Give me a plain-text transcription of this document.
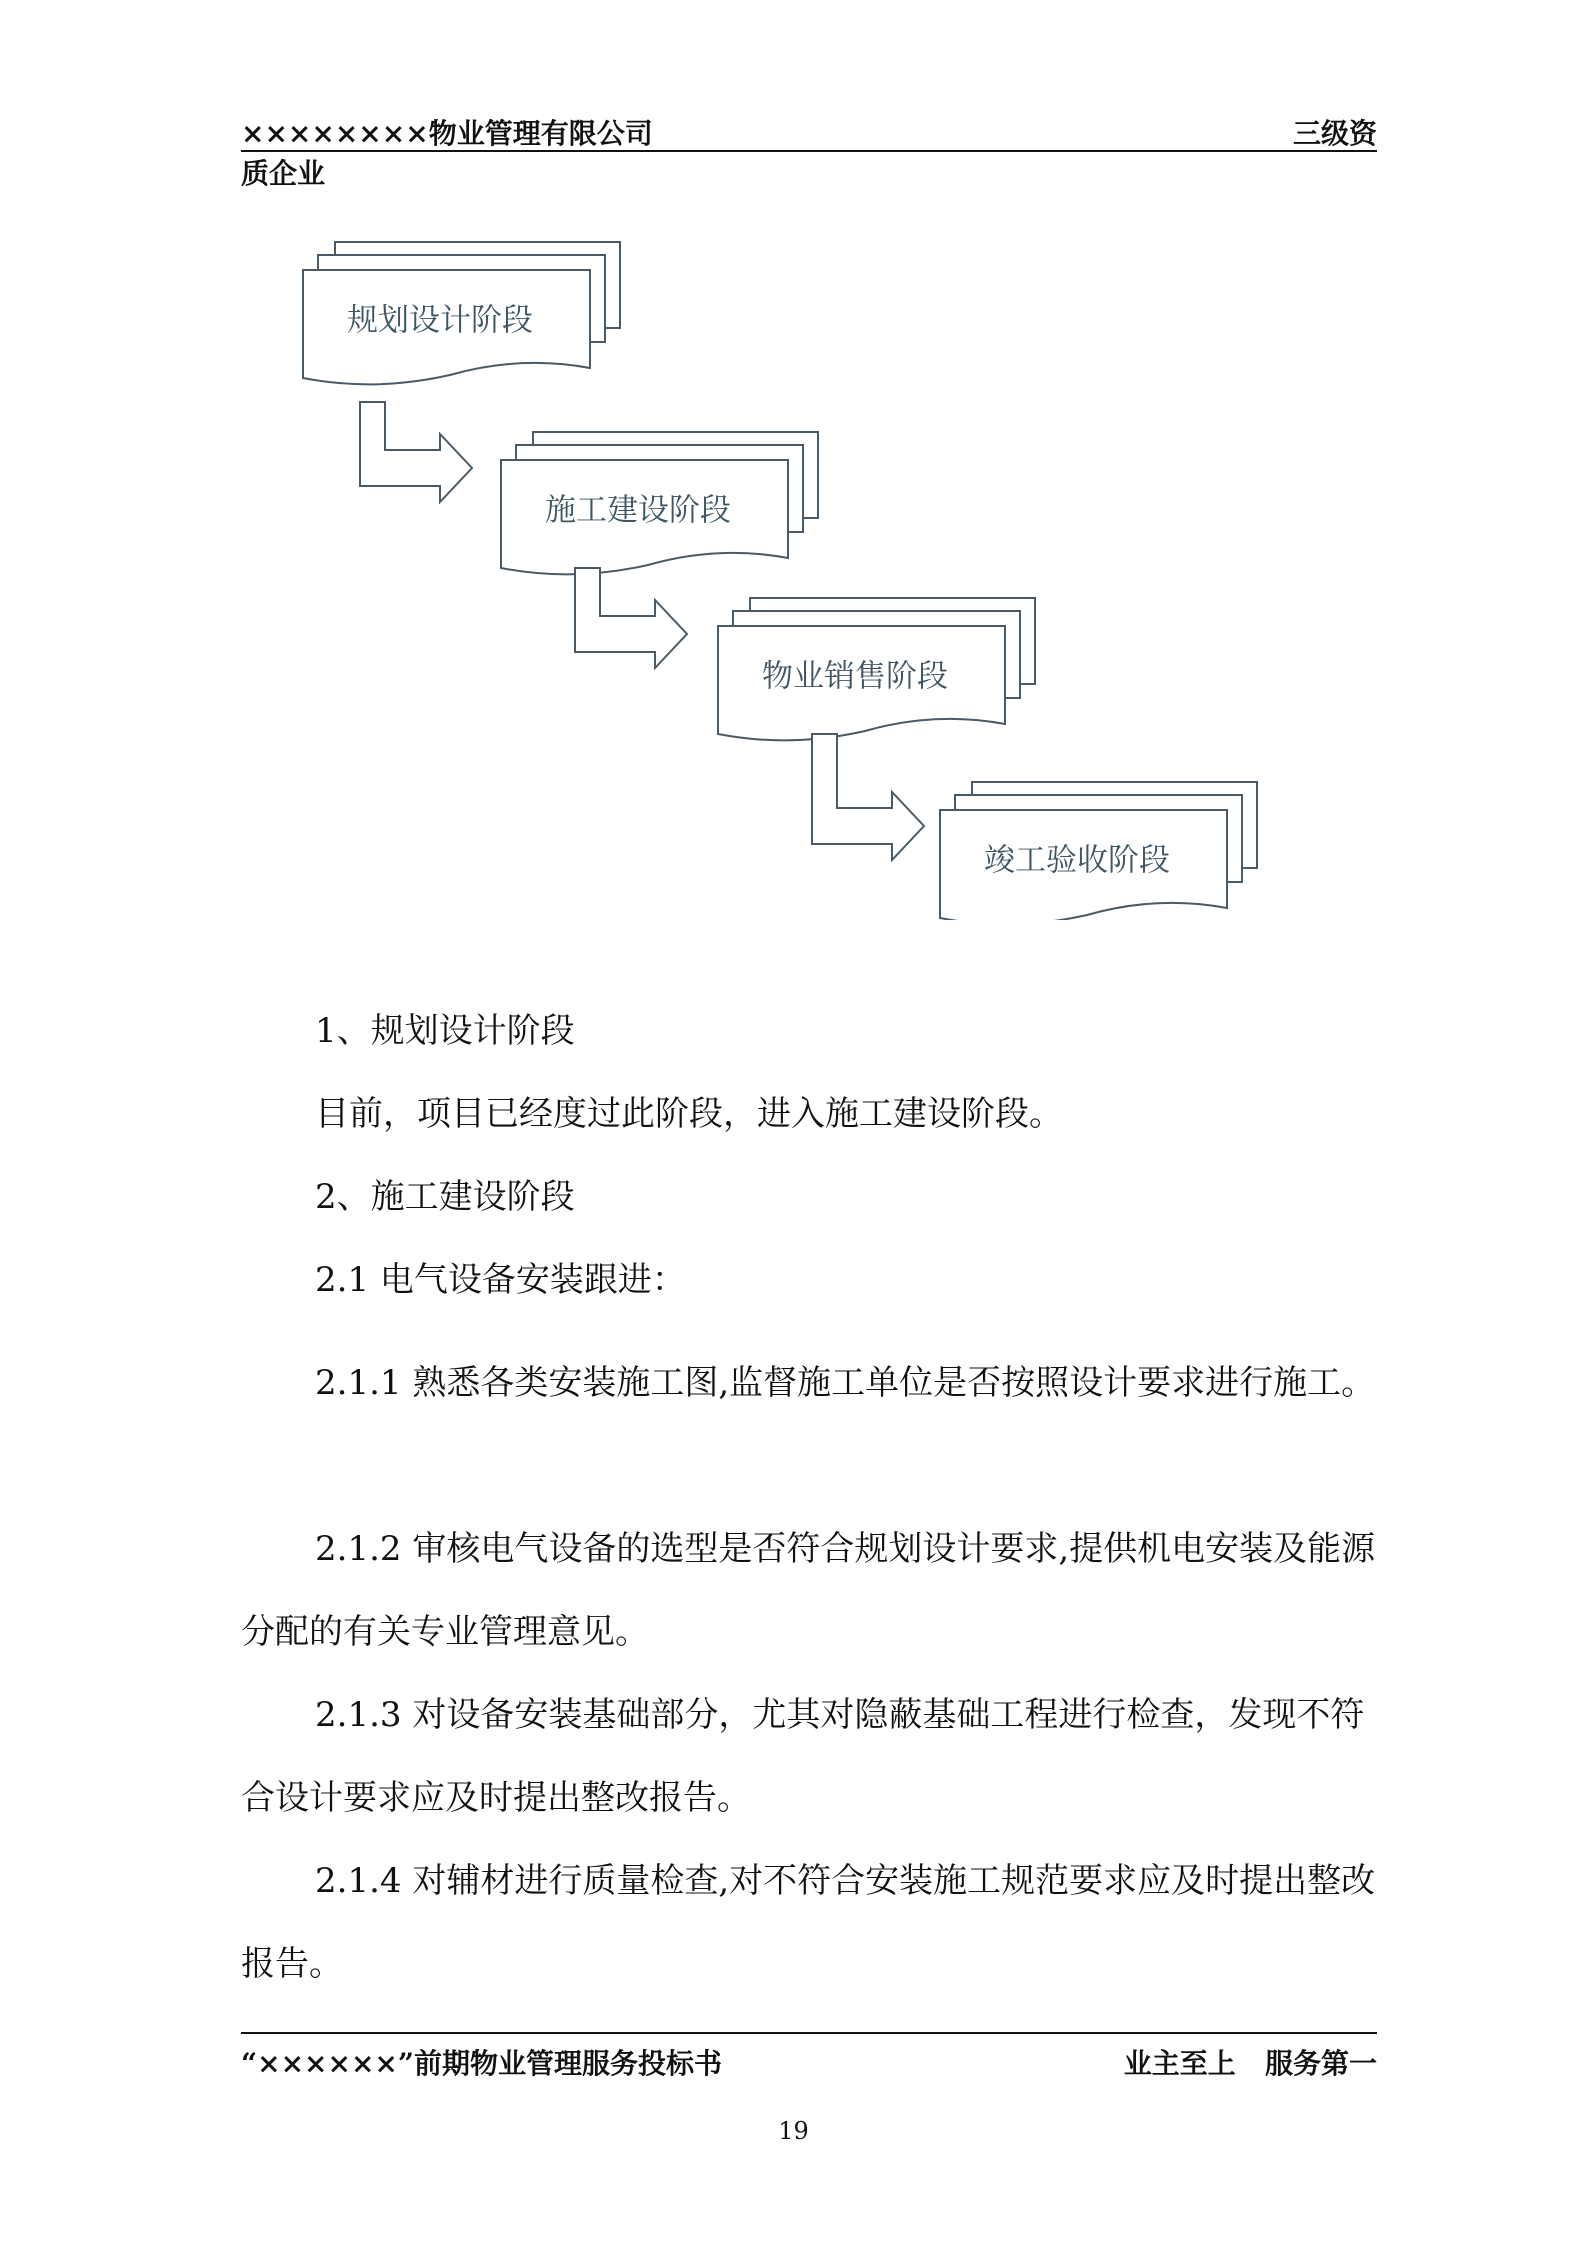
××××××××物业管理有限公司	三级资
质企业
规划设计阶段
施工建设阶段
物业销售阶段
竣工验收阶段

1、规划设计阶段

目前，项目已经度过此阶段，进入施工建设阶段。

2、施工建设阶段

2.1 电气设备安装跟进：

2.1.1 熟悉各类安装施工图,监督施工单位是否按照设计要求进行施工。

2.1.2 审核电气设备的选型是否符合规划设计要求,提供机电安装及能源分配的有关专业管理意见。

2.1.3 对设备安装基础部分，尤其对隐蔽基础工程进行检查，发现不符合设计要求应及时提出整改报告。

2.1.4 对辅材进行质量检查,对不符合安装施工规范要求应及时提出整改报告。

“××××××”前期物业管理服务投标书	业主至上   服务第一
19
